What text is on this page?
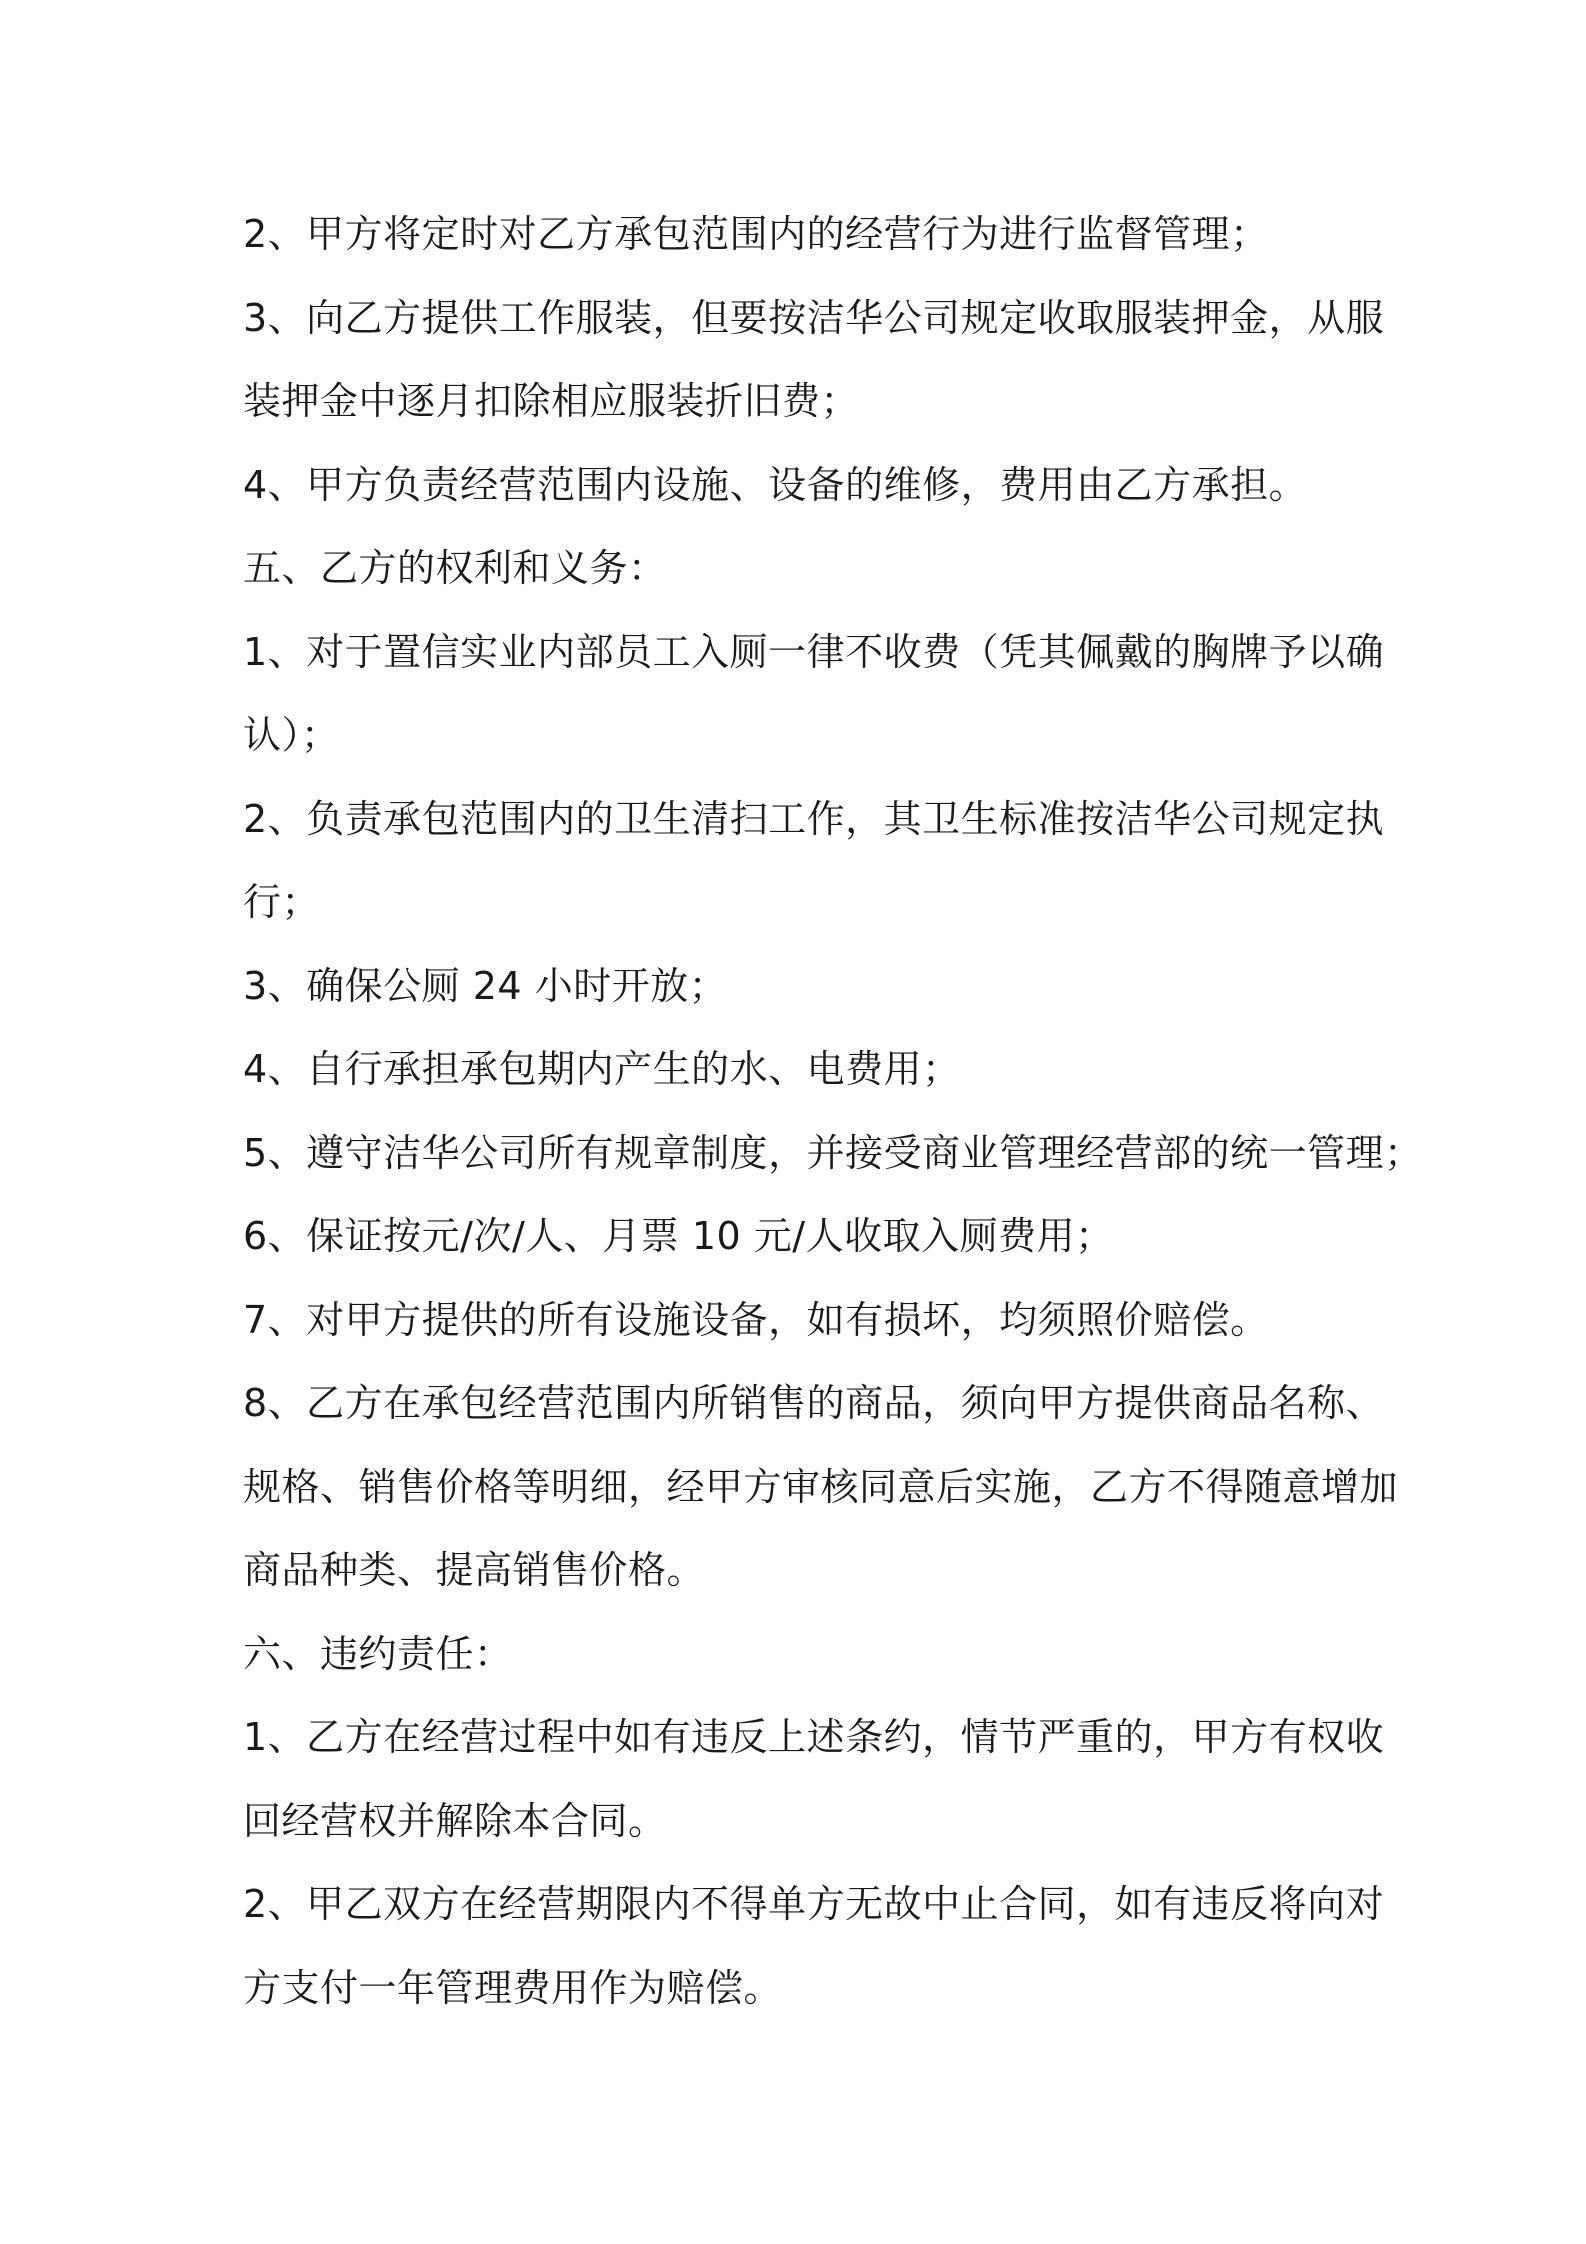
2、甲方将定时对乙方承包范围内的经营行为进行监督管理；

3、向乙方提供工作服装，但要按洁华公司规定收取服装押金，从服

装押金中逐月扣除相应服装折旧费；

4、甲方负责经营范围内设施、设备的维修，费用由乙方承担。

五、乙方的权利和义务：

1、对于置信实业内部员工入厕一律不收费（凭其佩戴的胸牌予以确

认）；

2、负责承包范围内的卫生清扫工作，其卫生标准按洁华公司规定执

行；

3、确保公厕 24 小时开放；

4、自行承担承包期内产生的水、电费用；

5、遵守洁华公司所有规章制度，并接受商业管理经营部的统一管理；

6、保证按元/次/人、月票 10 元/人收取入厕费用；

7、对甲方提供的所有设施设备，如有损坏，均须照价赔偿。

8、乙方在承包经营范围内所销售的商品，须向甲方提供商品名称、

规格、销售价格等明细，经甲方审核同意后实施，乙方不得随意增加

商品种类、提高销售价格。

六、违约责任：

1、乙方在经营过程中如有违反上述条约，情节严重的，甲方有权收

回经营权并解除本合同。

2、甲乙双方在经营期限内不得单方无故中止合同，如有违反将向对

方支付一年管理费用作为赔偿。
